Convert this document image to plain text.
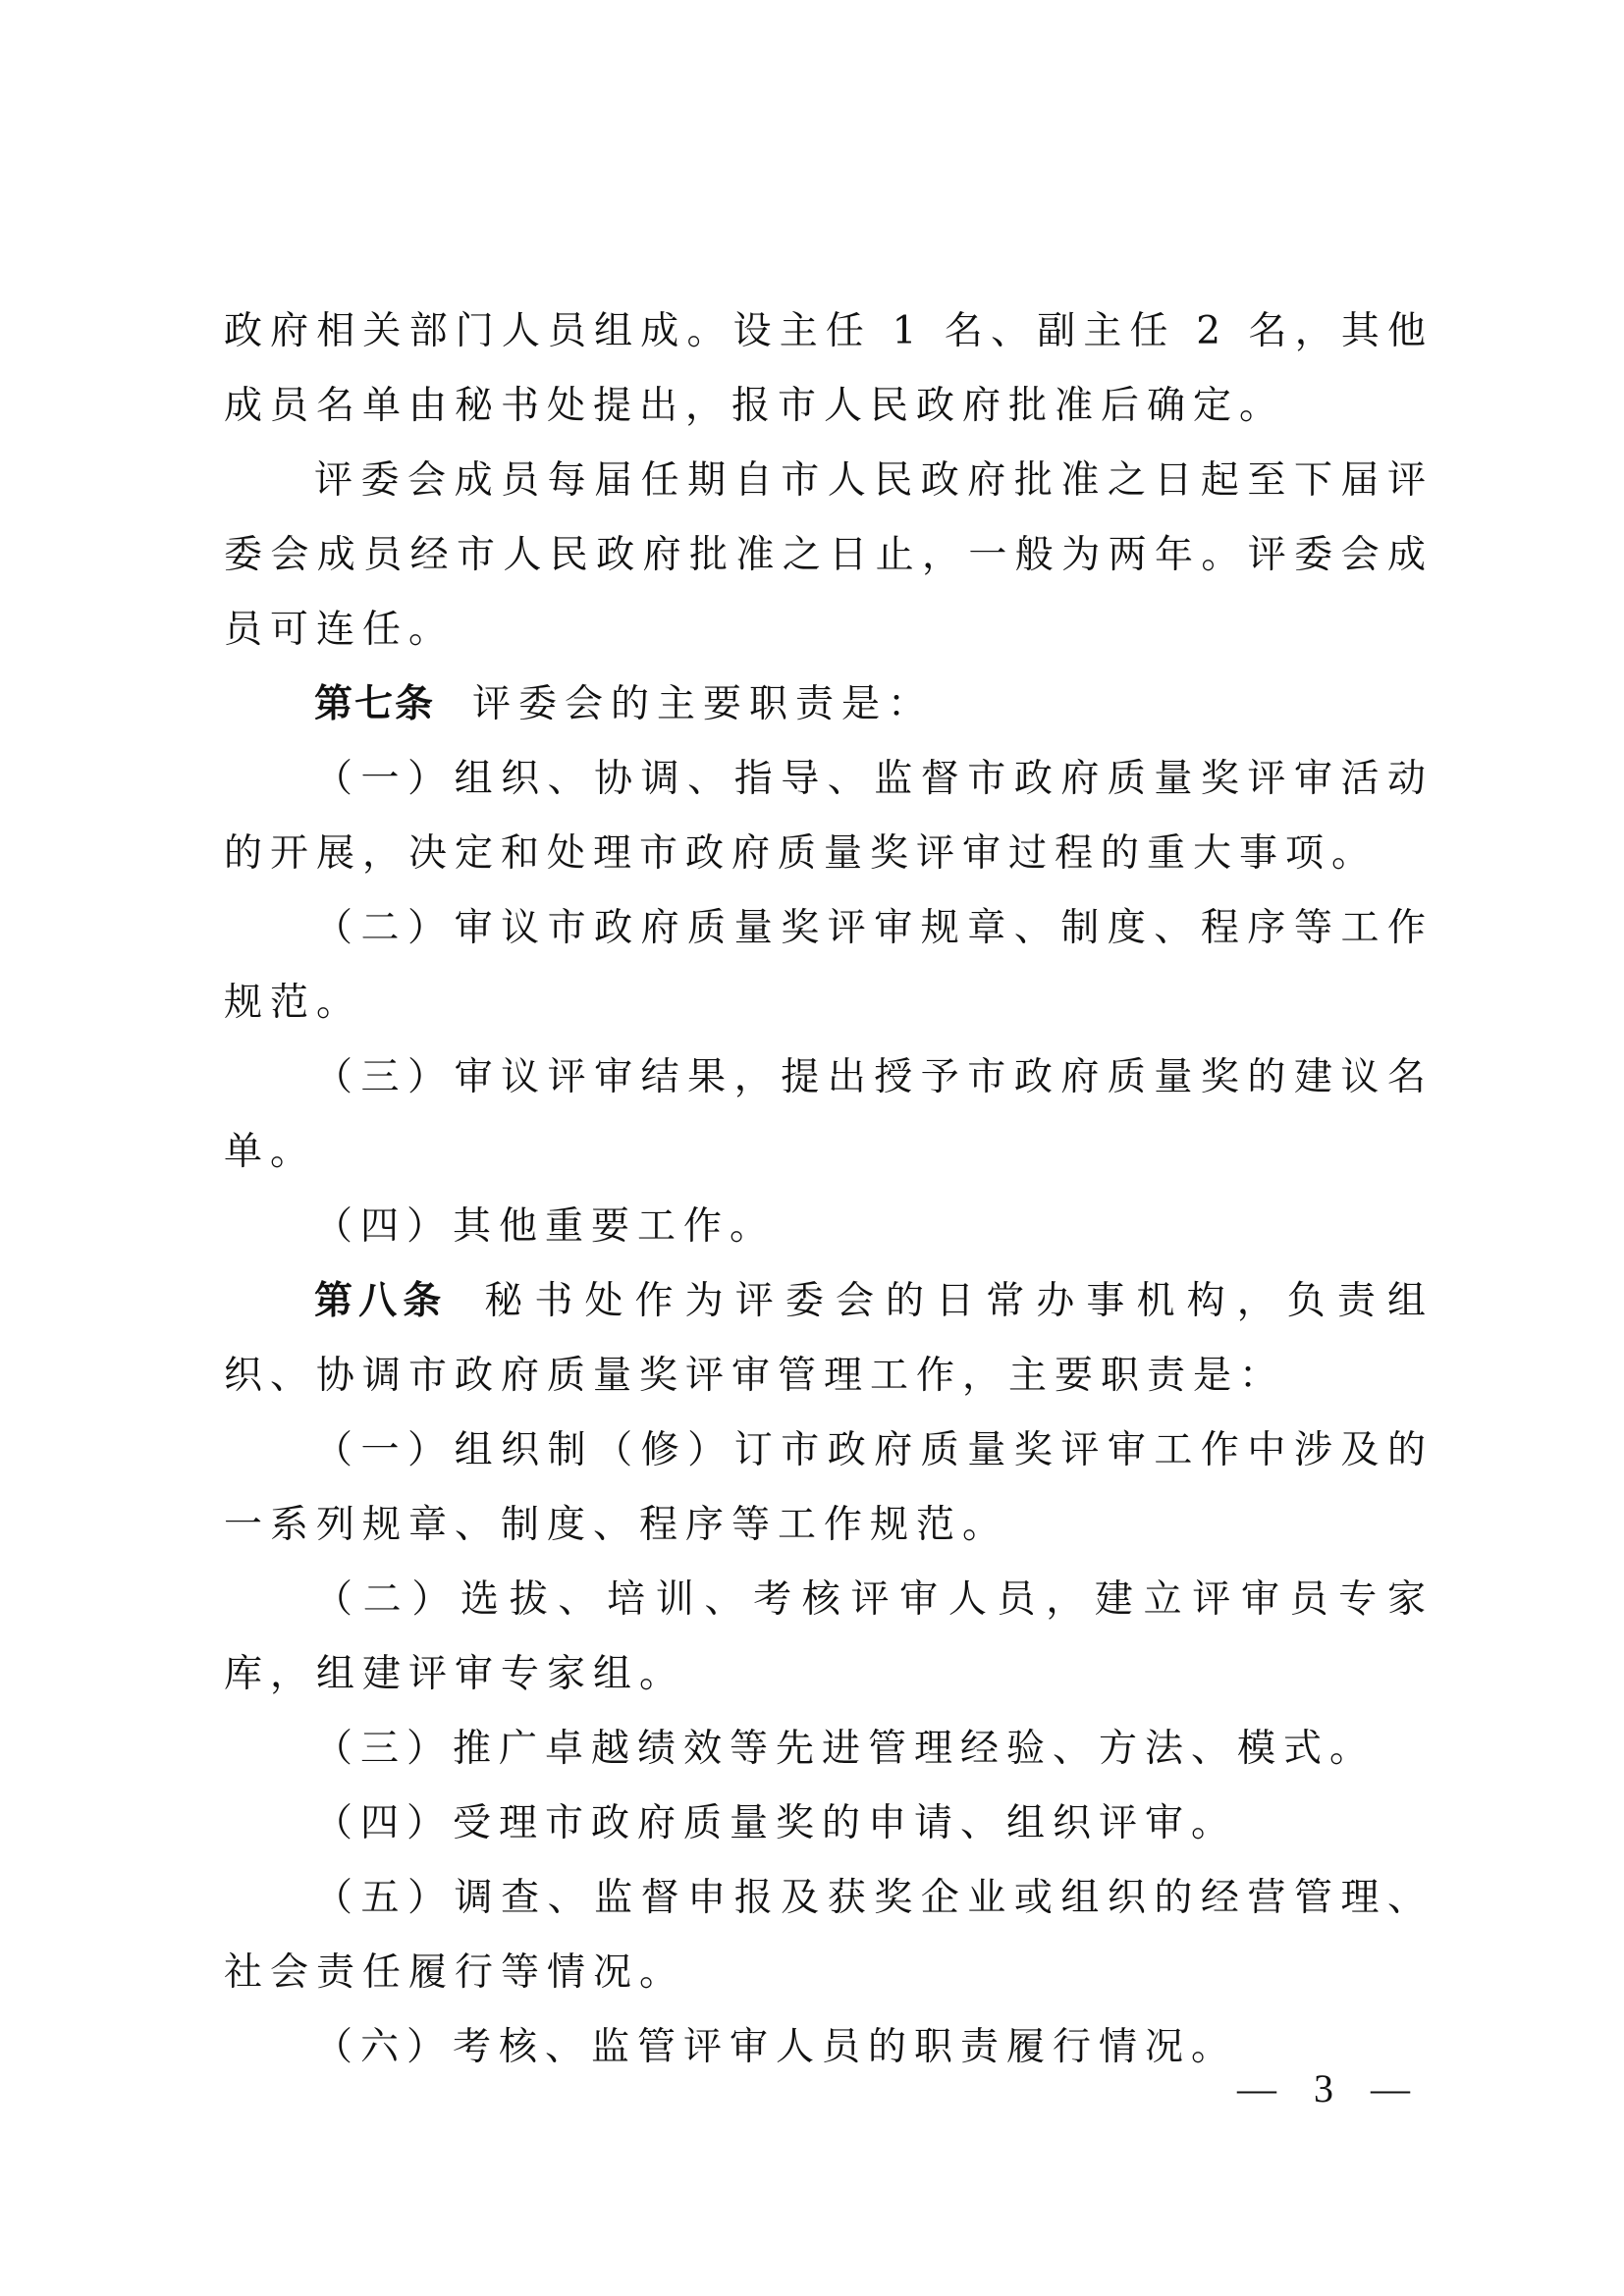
政府相关部门人员组成。设主任 1 名、副主任 2 名，其他成员名单由秘书处提出，报市人民政府批准后确定。

评委会成员每届任期自市人民政府批准之日起至下届评委会成员经市人民政府批准之日止，一般为两年。评委会成员可连任。

第七条 评委会的主要职责是：

（一）组织、协调、指导、监督市政府质量奖评审活动的开展，决定和处理市政府质量奖评审过程的重大事项。

（二）审议市政府质量奖评审规章、制度、程序等工作规范。

（三）审议评审结果，提出授予市政府质量奖的建议名单。

（四）其他重要工作。

第八条 秘书处作为评委会的日常办事机构，负责组织、协调市政府质量奖评审管理工作，主要职责是：

（一）组织制（修）订市政府质量奖评审工作中涉及的一系列规章、制度、程序等工作规范。

（二）选拔、培训、考核评审人员，建立评审员专家库，组建评审专家组。

（三）推广卓越绩效等先进管理经验、方法、模式。

（四）受理市政府质量奖的申请、组织评审。

（五）调查、监督申报及获奖企业或组织的经营管理、社会责任履行等情况。

（六）考核、监管评审人员的职责履行情况。

— 3 —
